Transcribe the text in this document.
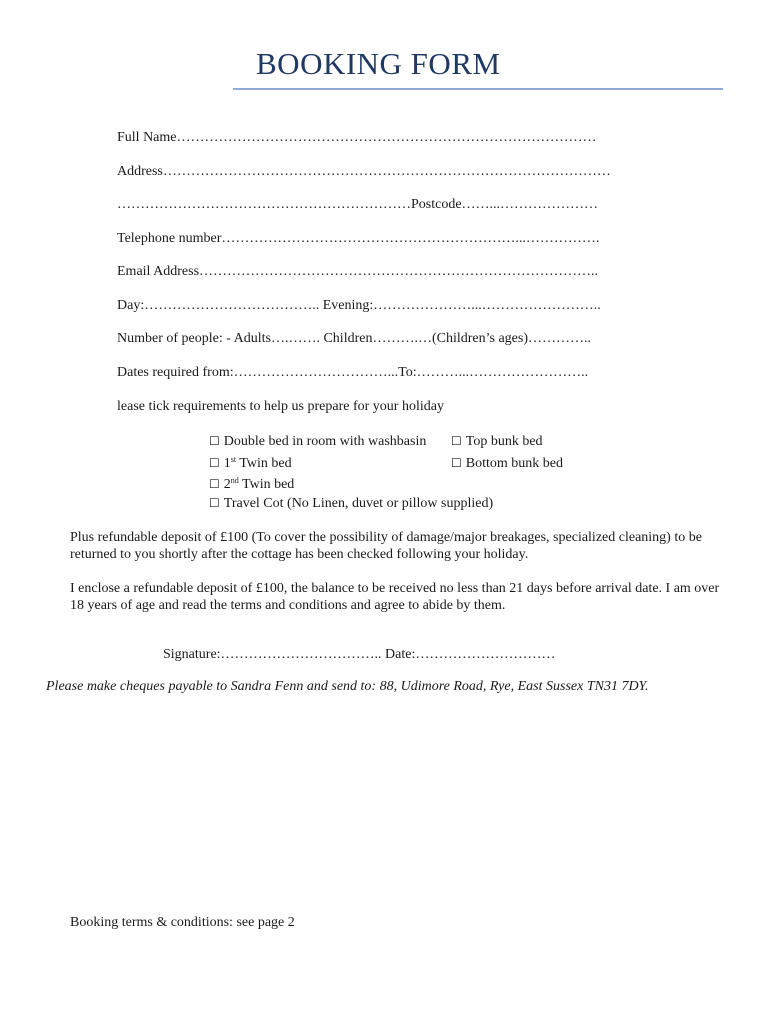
BOOKING FORM
Full Name………………………………………………………………………………
Address……………………………………………………………………………………
………………………………………………………Postcode……...…………………
Telephone number………………………………………………………...…………….
Email Address…………………………………………………………………………..
Day:……………………………….. Evening:…………………...……………………..
Number of people: - Adults….……. Children……….…(Children’s ages)…………..
Dates required from:……………………………...To:………...……………………..
lease tick requirements to help us prepare for your holiday
☐ Double bed in room with washbasin ☐ Top bunk bed
☐ 1st Twin bed	☐ Bottom bunk bed
☐ 2nd Twin bed
☐ Travel Cot (No Linen, duvet or pillow supplied)
Plus refundable deposit of £100 (To cover the possibility of damage/major breakages, specialized cleaning) to be returned to you shortly after the cottage has been checked following your holiday.
I enclose a refundable deposit of £100, the balance to be received no less than 21 days before arrival date. I am over 18 years of age and read the terms and conditions and agree to abide by them.
Signature:…………………………….. Date:…………………………
Please make cheques payable to Sandra Fenn and send to: 88, Udimore Road, Rye, East Sussex TN31 7DY.
Booking terms & conditions: see page 2
